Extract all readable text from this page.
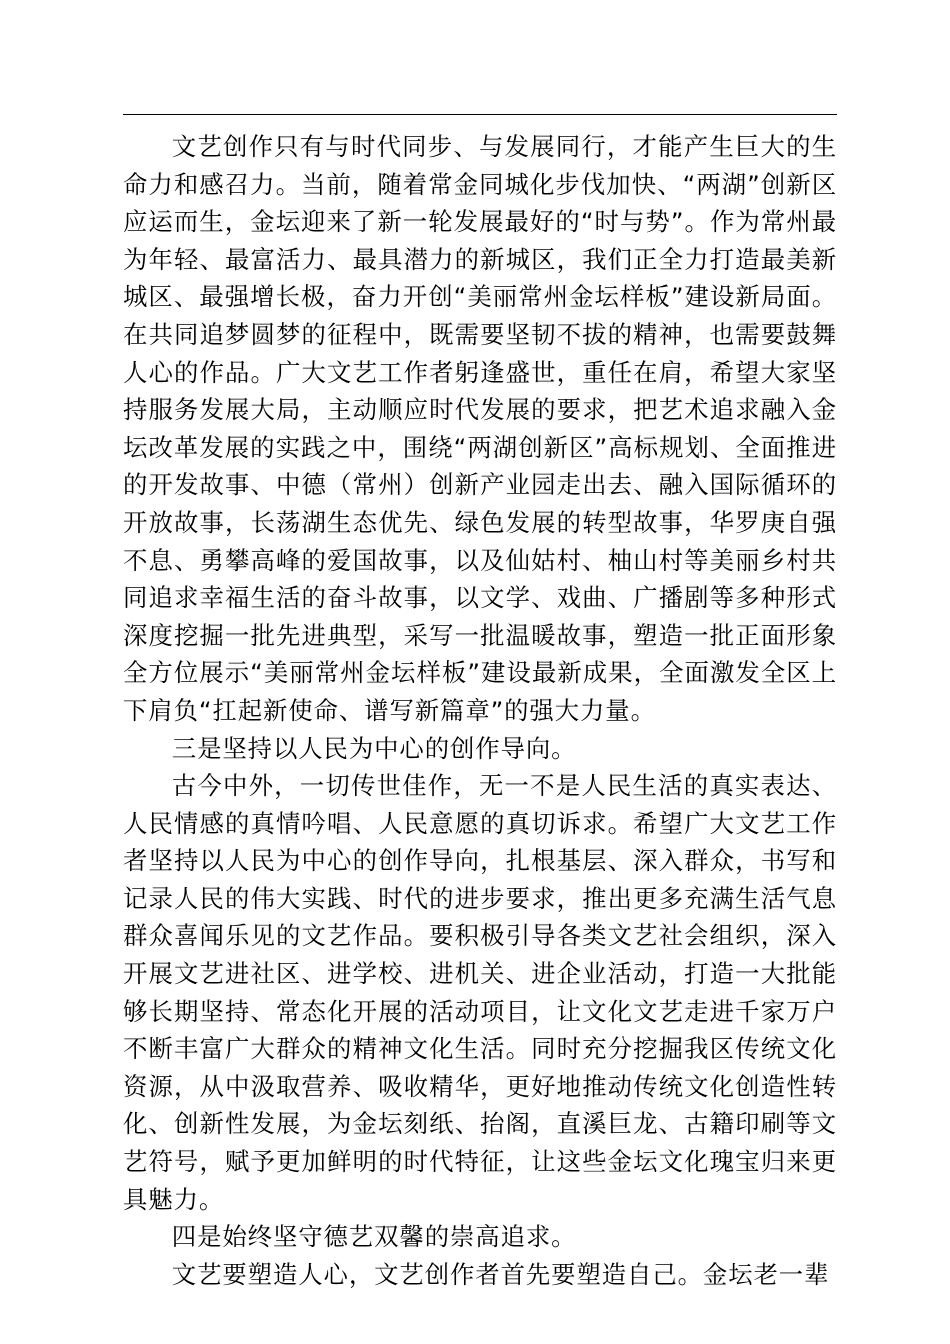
文艺创作只有与时代同步、与发展同行，才能产生巨大的生命力和感召力。当前，随着常金同城化步伐加快、“两湖”创新区应运而生，金坛迎来了新一轮发展最好的“时与势”。作为常州最为年轻、最富活力、最具潜力的新城区，我们正全力打造最美新城区、最强增长极，奋力开创“美丽常州金坛样板”建设新局面。在共同追梦圆梦的征程中，既需要坚韧不拔的精神，也需要鼓舞人心的作品。广大文艺工作者躬逢盛世，重任在肩，希望大家坚持服务发展大局，主动顺应时代发展的要求，把艺术追求融入金坛改革发展的实践之中，围绕“两湖创新区”高标规划、全面推进的开发故事、中德（常州）创新产业园走出去、融入国际循环的开放故事，长荡湖生态优先、绿色发展的转型故事，华罗庚自强不息、勇攀高峰的爱国故事，以及仙姑村、柚山村等美丽乡村共同追求幸福生活的奋斗故事，以文学、戏曲、广播剧等多种形式深度挖掘一批先进典型，采写一批温暖故事，塑造一批正面形象全方位展示“美丽常州金坛样板”建设最新成果，全面激发全区上下肩负“扛起新使命、谱写新篇章”的强大力量。

三是坚持以人民为中心的创作导向。

古今中外，一切传世佳作，无一不是人民生活的真实表达、人民情感的真情吟唱、人民意愿的真切诉求。希望广大文艺工作者坚持以人民为中心的创作导向，扎根基层、深入群众，书写和记录人民的伟大实践、时代的进步要求，推出更多充满生活气息群众喜闻乐见的文艺作品。要积极引导各类文艺社会组织，深入开展文艺进社区、进学校、进机关、进企业活动，打造一大批能够长期坚持、常态化开展的活动项目，让文化文艺走进千家万户不断丰富广大群众的精神文化生活。同时充分挖掘我区传统文化资源，从中汲取营养、吸收精华，更好地推动传统文化创造性转化、创新性发展，为金坛刻纸、抬阁，直溪巨龙、古籍印刷等文艺符号，赋予更加鲜明的时代特征，让这些金坛文化瑰宝归来更具魅力。

四是始终坚守德艺双馨的崇高追求。

文艺要塑造人心，文艺创作者首先要塑造自己。金坛老一辈
